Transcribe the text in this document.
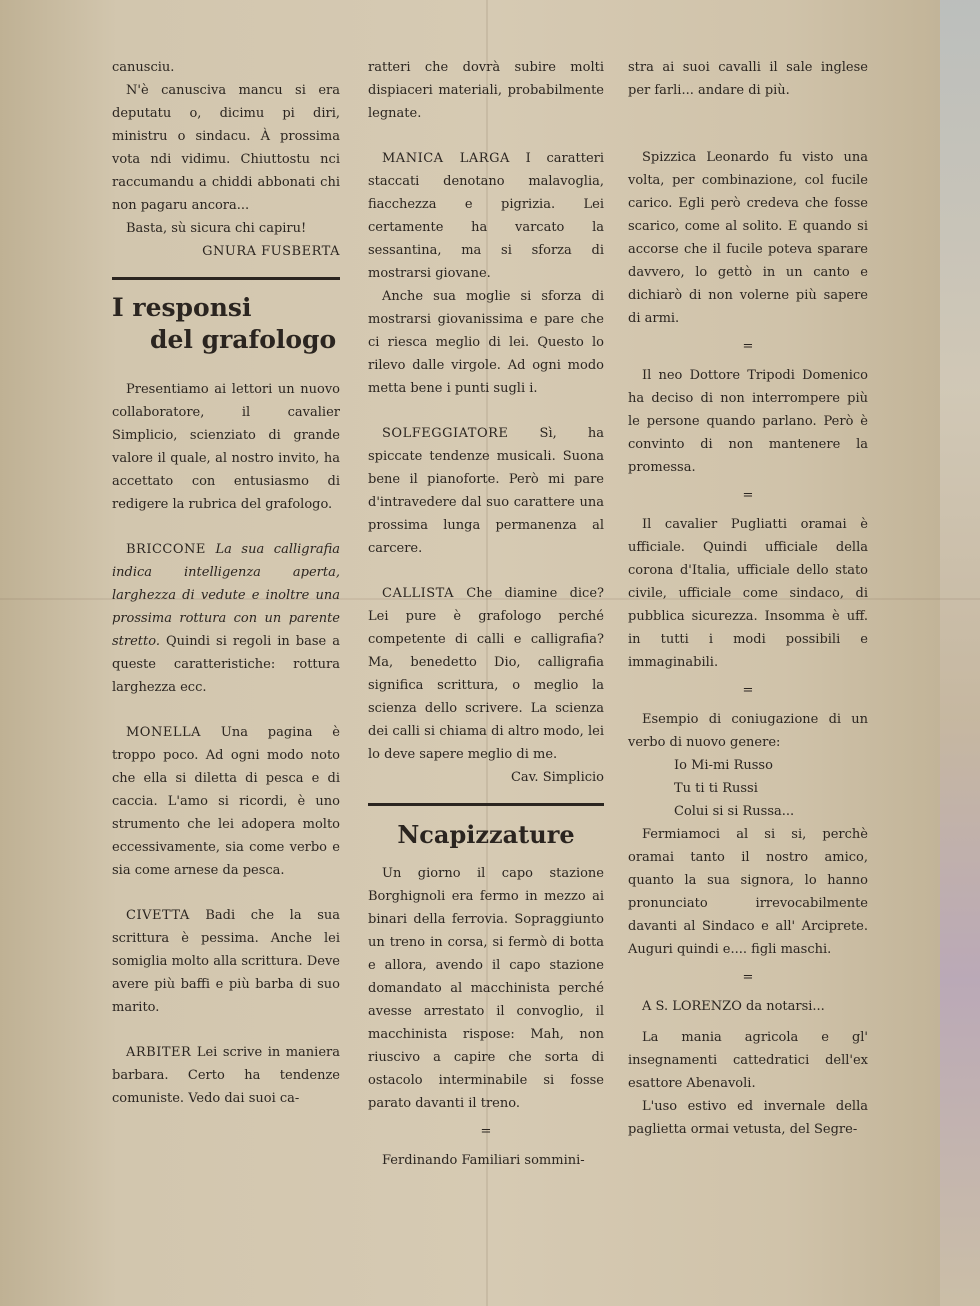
canusciu.

N'è canusciva mancu si era deputatu o, dicimu pi diri, ministru o sindacu. À prossima vota ndi vidimu. Chiuttostu nci raccumandu a chiddi abbonati chi non pagaru ancora...

Basta, sù sicura chi capiru!

GNURA FUSBERTA

I responsi
del grafologo

Presentiamo ai lettori un nuovo collaboratore, il cavalier Simplicio, scienziato di grande valore il quale, al nostro invito, ha accettato con entusiasmo di redigere la rubrica del grafologo.

BRICCONE La sua calligrafia indica intelligenza aperta, larghezza di vedute e inoltre una prossima rottura con un parente stretto. Quindi si regoli in base a queste caratteristiche: rottura larghezza ecc.

MONELLA Una pagina è troppo poco. Ad ogni modo noto che ella si diletta di pesca e di caccia. L'amo si ricordi, è uno strumento che lei adopera molto eccessivamente, sia come verbo e sia come arnese da pesca.

CIVETTA Badi che la sua scrittura è pessima. Anche lei somiglia molto alla scrittura. Deve avere più baffi e più barba di suo marito.

ARBITER Lei scrive in maniera barbara. Certo ha tendenze comuniste. Vedo dai suoi ca-

ratteri che dovrà subire molti dispiaceri materiali, probabilmente legnate.

MANICA LARGA I caratteri staccati denotano malavoglia, fiacchezza e pigrizia. Lei certamente ha varcato la sessantina, ma si sforza di mostrarsi giovane.

Anche sua moglie si sforza di mostrarsi giovanissima e pare che ci riesca meglio di lei. Questo lo rilevo dalle virgole. Ad ogni modo metta bene i punti sugli i.

SOLFEGGIATORE Sì, ha spiccate tendenze musicali. Suona bene il pianoforte. Però mi pare d'intravedere dal suo carattere una prossima lunga permanenza al carcere.

CALLISTA Che diamine dice? Lei pure è grafologo perché competente di calli e calligrafia? Ma, benedetto Dio, calligrafia significa scrittura, o meglio la scienza dello scrivere. La scienza dei calli si chiama di altro modo, lei lo deve sapere meglio di me.

Cav. Simplicio

Ncapizzature

Un giorno il capo stazione Borghignoli era fermo in mezzo ai binari della ferrovia. Sopraggiunto un treno in corsa, si fermò di botta e allora, avendo il capo stazione domandato al macchinista perché avesse arrestato il convoglio, il macchinista rispose: Mah, non riuscivo a capire che sorta di ostacolo interminabile si fosse parato davanti il treno.

=

Ferdinando Familiari sommini-

stra ai suoi cavalli il sale inglese per farli... andare di più.

Spizzica Leonardo fu visto una volta, per combinazione, col fucile carico. Egli però credeva che fosse scarico, come al solito. E quando si accorse che il fucile poteva sparare davvero, lo gettò in un canto e dichiarò di non volerne più sapere di armi.

=

Il neo Dottore Tripodi Domenico ha deciso di non interrompere più le persone quando parlano. Però è convinto di non mantenere la promessa.

=

Il cavalier Pugliatti oramai è ufficiale. Quindi ufficiale della corona d'Italia, ufficiale dello stato civile, ufficiale come sindaco, di pubblica sicurezza. Insomma è uff. in tutti i modi possibili e immaginabili.

=

Esempio di coniugazione di un verbo di nuovo genere:

Io Mi-mi Russo

Tu ti ti Russi

Colui si si Russa...

Fermiamoci al si si, perchè oramai tanto il nostro amico, quanto la sua signora, lo hanno pronunciato irrevocabilmente davanti al Sindaco e all' Arciprete. Auguri quindi e.... figli maschi.

=

A S. LORENZO da notarsi...

La mania agricola e gl' insegnamenti cattedratici dell'ex esattore Abenavoli.

L'uso estivo ed invernale della paglietta ormai vetusta, del Segre-
